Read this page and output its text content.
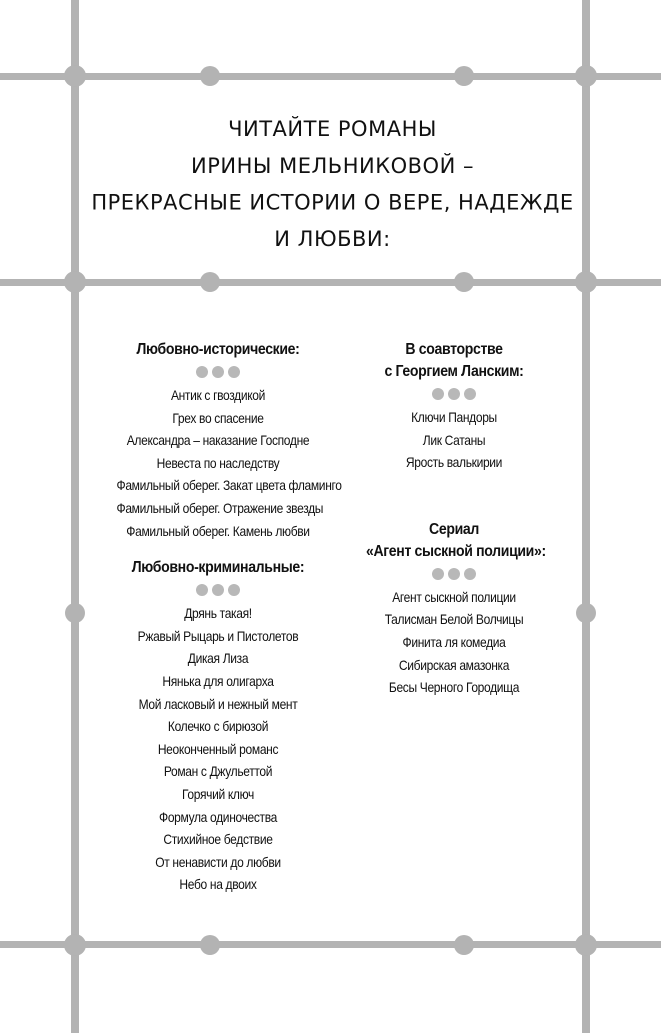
ЧИТАЙТЕ РОМАНЫ
ИРИНЫ МЕЛЬНИКОВОЙ –
ПРЕКРАСНЫЕ ИСТОРИИ О ВЕРЕ, НАДЕЖДЕ
И ЛЮБВИ:
Любовно-исторические:
Антик с гвоздикой
Грех во спасение
Александра – наказание Господне
Невеста по наследству
Фамильный оберег. Закат цвета фламинго
Фамильный оберег. Отражение звезды
Фамильный оберег. Камень любви
Любовно-криминальные:
Дрянь такая!
Ржавый Рыцарь и Пистолетов
Дикая Лиза
Нянька для олигарха
Мой ласковый и нежный мент
Колечко с бирюзой
Неоконченный романс
Роман с Джульеттой
Горячий ключ
Формула одиночества
Стихийное бедствие
От ненависти до любви
Небо на двоих
В соавторстве
с Георгием Ланским:
Ключи Пандоры
Лик Сатаны
Ярость валькирии
Сериал
«Агент сыскной полиции»:
Агент сыскной полиции
Талисман Белой Волчицы
Финита ля комедиа
Сибирская амазонка
Бесы Черного Городища
